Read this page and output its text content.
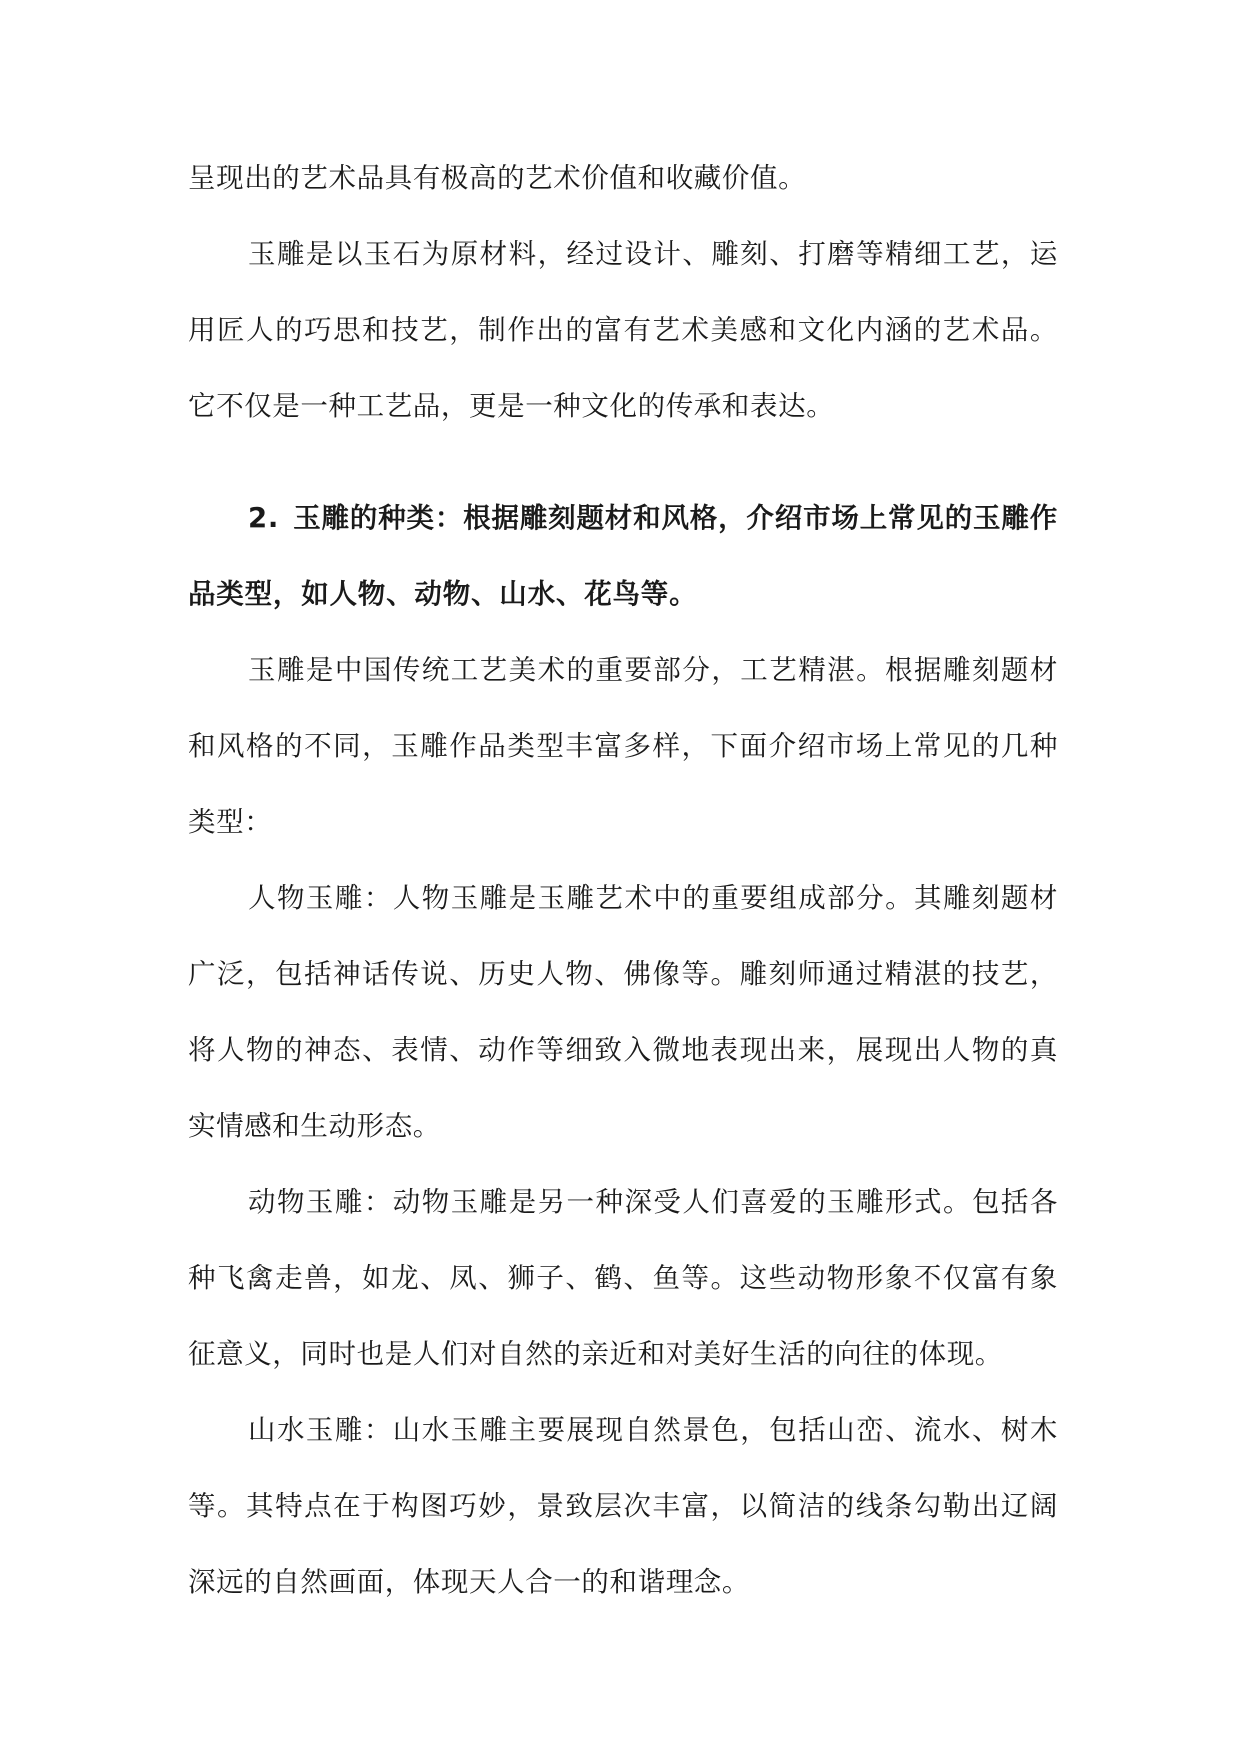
呈现出的艺术品具有极高的艺术价值和收藏价值。

玉雕是以玉石为原材料，经过设计、雕刻、打磨等精细工艺，运用匠人的巧思和技艺，制作出的富有艺术美感和文化内涵的艺术品。它不仅是一种工艺品，更是一种文化的传承和表达。

2. 玉雕的种类：根据雕刻题材和风格，介绍市场上常见的玉雕作品类型，如人物、动物、山水、花鸟等。

玉雕是中国传统工艺美术的重要部分，工艺精湛。根据雕刻题材和风格的不同，玉雕作品类型丰富多样，下面介绍市场上常见的几种类型：

人物玉雕：人物玉雕是玉雕艺术中的重要组成部分。其雕刻题材广泛，包括神话传说、历史人物、佛像等。雕刻师通过精湛的技艺，将人物的神态、表情、动作等细致入微地表现出来，展现出人物的真实情感和生动形态。

动物玉雕：动物玉雕是另一种深受人们喜爱的玉雕形式。包括各种飞禽走兽，如龙、凤、狮子、鹤、鱼等。这些动物形象不仅富有象征意义，同时也是人们对自然的亲近和对美好生活的向往的体现。

山水玉雕：山水玉雕主要展现自然景色，包括山峦、流水、树木等。其特点在于构图巧妙，景致层次丰富，以简洁的线条勾勒出辽阔深远的自然画面，体现天人合一的和谐理念。
